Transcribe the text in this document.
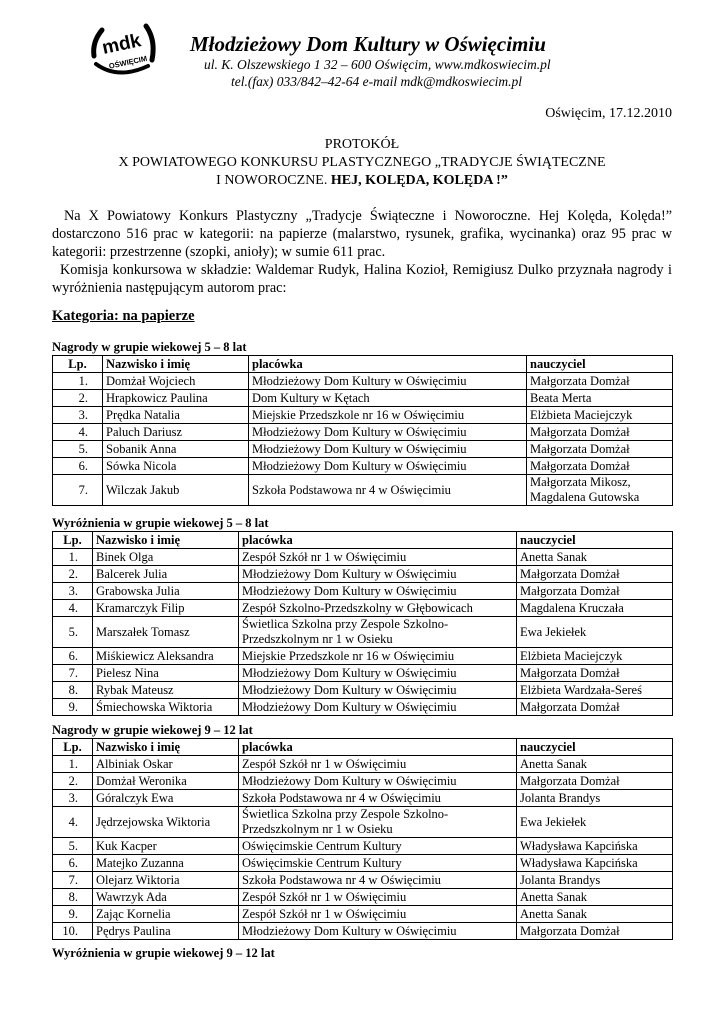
mdk
OŚWIĘCIM
Młodzieżowy Dom Kultury w Oświęcimiu
ul. K. Olszewskiego 1 32 – 600 Oświęcim, www.mdkoswiecim.pl
tel.(fax) 033/842–42-64 e-mail mdk@mdkoswiecim.pl
Oświęcim, 17.12.2010
PROTOKÓŁ
X POWIATOWEGO KONKURSU PLASTYCZNEGO „TRADYCJE ŚWIĄTECZNE
I NOWOROCZNE. HEJ, KOLĘDA, KOLĘDA !”
Na X Powiatowy Konkurs Plastyczny „Tradycje Świąteczne i Noworoczne. Hej Kolęda, Kolęda!” dostarczono 516 prac w kategorii: na papierze (malarstwo, rysunek, grafika, wycinanka) oraz 95 prac w kategorii: przestrzenne (szopki, anioły); w sumie 611 prac.
Komisja konkursowa w składzie: Waldemar Rudyk, Halina Kozioł, Remigiusz Dulko przyznała nagrody i wyróżnienia następującym autorom prac:
Kategoria: na papierze
Nagrody w grupie wiekowej 5 – 8 lat
Lp.	Nazwisko i imię	placówka	nauczyciel
1.	Domżał Wojciech	Młodzieżowy Dom Kultury w Oświęcimiu	Małgorzata Domżał
2.	Hrapkowicz Paulina	Dom Kultury w Kętach	Beata Merta
3.	Prędka Natalia	Miejskie Przedszkole nr 16 w Oświęcimiu	Elżbieta Maciejczyk
4.	Paluch Dariusz	Młodzieżowy Dom Kultury w Oświęcimiu	Małgorzata Domżał
5.	Sobanik Anna	Młodzieżowy Dom Kultury w Oświęcimiu	Małgorzata Domżał
6.	Sówka Nicola	Młodzieżowy Dom Kultury w Oświęcimiu	Małgorzata Domżał
7.	Wilczak Jakub	Szkoła Podstawowa nr 4 w Oświęcimiu	Małgorzata Mikosz,
Magdalena Gutowska
Wyróżnienia w grupie wiekowej 5 – 8 lat
Lp.	Nazwisko i imię	placówka	nauczyciel
1.	Binek Olga	Zespół Szkół nr 1 w Oświęcimiu	Anetta Sanak
2.	Balcerek Julia	Młodzieżowy Dom Kultury w Oświęcimiu	Małgorzata Domżał
3.	Grabowska Julia	Młodzieżowy Dom Kultury w Oświęcimiu	Małgorzata Domżał
4.	Kramarczyk Filip	Zespół Szkolno-Przedszkolny w Głębowicach	Magdalena Kruczała
5.	Marszałek Tomasz	Świetlica Szkolna przy Zespole Szkolno-
Przedszkolnym nr 1 w Osieku	Ewa Jekiełek
6.	Miśkiewicz Aleksandra	Miejskie Przedszkole nr 16 w Oświęcimiu	Elżbieta Maciejczyk
7.	Pielesz Nina	Młodzieżowy Dom Kultury w Oświęcimiu	Małgorzata Domżał
8.	Rybak Mateusz	Młodzieżowy Dom Kultury w Oświęcimiu	Elżbieta Wardzała-Sereś
9.	Śmiechowska Wiktoria	Młodzieżowy Dom Kultury w Oświęcimiu	Małgorzata Domżał
Nagrody w grupie wiekowej 9 – 12 lat
Lp.	Nazwisko i imię	placówka	nauczyciel
1.	Albiniak Oskar	Zespół Szkół nr 1 w Oświęcimiu	Anetta Sanak
2.	Domżał Weronika	Młodzieżowy Dom Kultury w Oświęcimiu	Małgorzata Domżał
3.	Góralczyk Ewa	Szkoła Podstawowa nr 4 w Oświęcimiu	Jolanta Brandys
4.	Jędrzejowska Wiktoria	Świetlica Szkolna przy Zespole Szkolno-
Przedszkolnym nr 1 w Osieku	Ewa Jekiełek
5.	Kuk Kacper	Oświęcimskie Centrum Kultury	Władysława Kapcińska
6.	Matejko Zuzanna	Oświęcimskie Centrum Kultury	Władysława Kapcińska
7.	Olejarz Wiktoria	Szkoła Podstawowa nr 4 w Oświęcimiu	Jolanta Brandys
8.	Wawrzyk Ada	Zespół Szkół nr 1 w Oświęcimiu	Anetta Sanak
9.	Zając Kornelia	Zespół Szkół nr 1 w Oświęcimiu	Anetta Sanak
10.	Pędrys Paulina	Młodzieżowy Dom Kultury w Oświęcimiu	Małgorzata Domżał
Wyróżnienia w grupie wiekowej 9 – 12 lat
